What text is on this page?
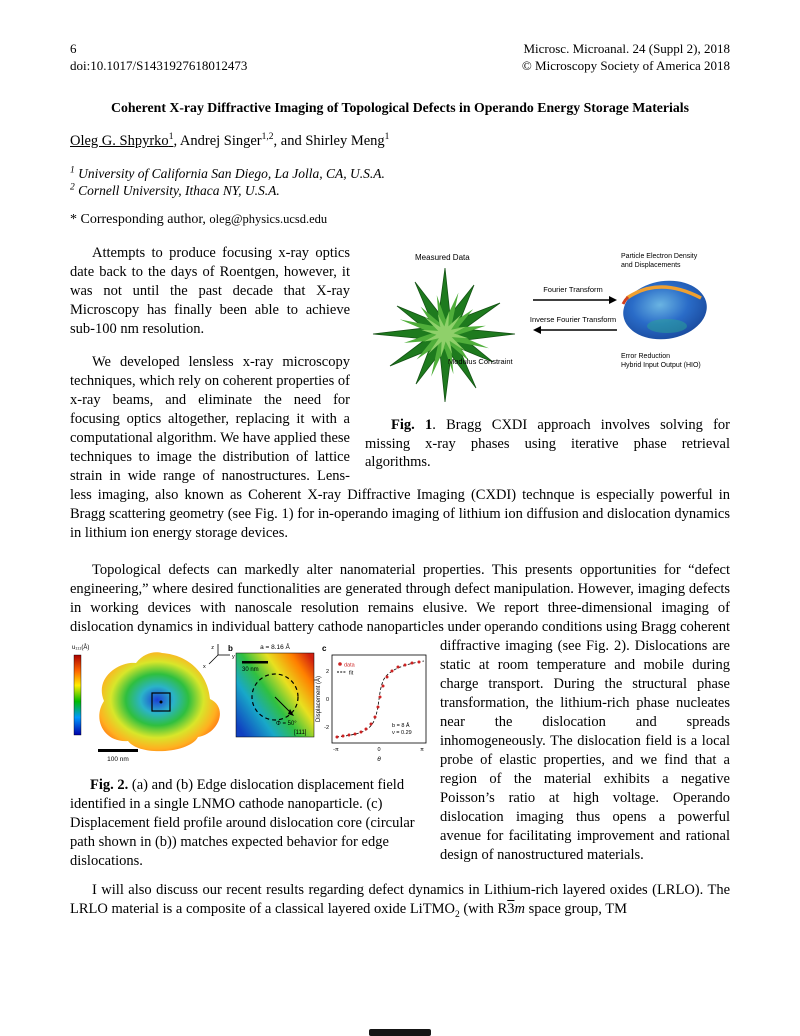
6
doi:10.1017/S1431927618012473
Microsc. Microanal. 24 (Suppl 2), 2018
© Microscopy Society of America 2018
Coherent X-ray Diffractive Imaging of Topological Defects in Operando Energy Storage Materials
Oleg G. Shpyrko$^1$, Andrej Singer$^{1,2}$, and Shirley Meng$^1$
$^1$ University of California San Diego, La Jolla, CA, U.S.A.
$^2$ Cornell University, Ithaca NY, U.S.A.
* Corresponding author, oleg@physics.ucsd.edu
Measured Data
Modulus Constraint
Fourier Transform
Inverse Fourier Transform
Particle Electron Density
and Displacements
Error Reduction
Hybrid Input Output (HIO)

Fig. 1. Bragg CXDI approach involves solving for missing x-ray phases using iterative phase retrieval algorithms.

Attempts to produce focusing x-ray optics date back to the days of Roentgen, however, it was not until the past decade that X-ray Microscopy has finally been able to achieve sub-100 nm resolution.

We developed lensless x-ray microscopy techniques, which rely on coherent properties of x-ray beams, and eliminate the need for focusing optics altogether, replacing it with a computational algorithm. We have applied these techniques to image the distribution of lattice strain in wide range of nanostructures. Lens-less imaging, also known as Coherent X-ray Diffractive Imaging (CXDI) technque is especially powerful in Bragg scattering geometry (see Fig. 1) for in-operando imaging of lithium ion diffusion and dislocation dynamics in lithium ion energy storage devices.

Topological defects can markedly alter nanomaterial properties. This presents opportunities for “defect engineering,” where desired functionalities are generated through defect manipulation. However, imaging defects in working devices with nanoscale resolution remains elusive. We report three-dimensional imaging of dislocation dynamics in individual battery cathode nanoparticles under operando conditions
u₁₁₁(Å)	z
y
x
100 nm
b	a = 8.16 Å
30 nm
Φ = 50°
[111]
c
Displacement (Å)
2
0
-2
data
fit
b = 8 Å
ν = 0.29
-π	0	π
θ
Fig. 2. (a) and (b) Edge dislocation displacement field identified in a single LNMO cathode nanoparticle. (c) Displacement field profile around dislocation core (circular path shown in (b)) matches expected behavior for edge dislocations.
using Bragg coherent diffractive imaging (see Fig. 2). Dislocations are static at room temperature and mobile during charge transport. During the structural phase transformation, the lithium-rich phase nucleates near the dislocation and spreads inhomogeneously. The dislocation field is a local probe of elastic properties, and we find that a region of the material exhibits a negative Poisson’s ratio at high voltage. Operando dislocation imaging thus opens a powerful avenue for facilitating improvement and rational design of nanostructured materials.

I will also discuss our recent results regarding defect dynamics in Lithium-rich layered oxides (LRLO). The LRLO material is a composite of a classical layered oxide LiTMO$_2$ (with R3m space group, TM
